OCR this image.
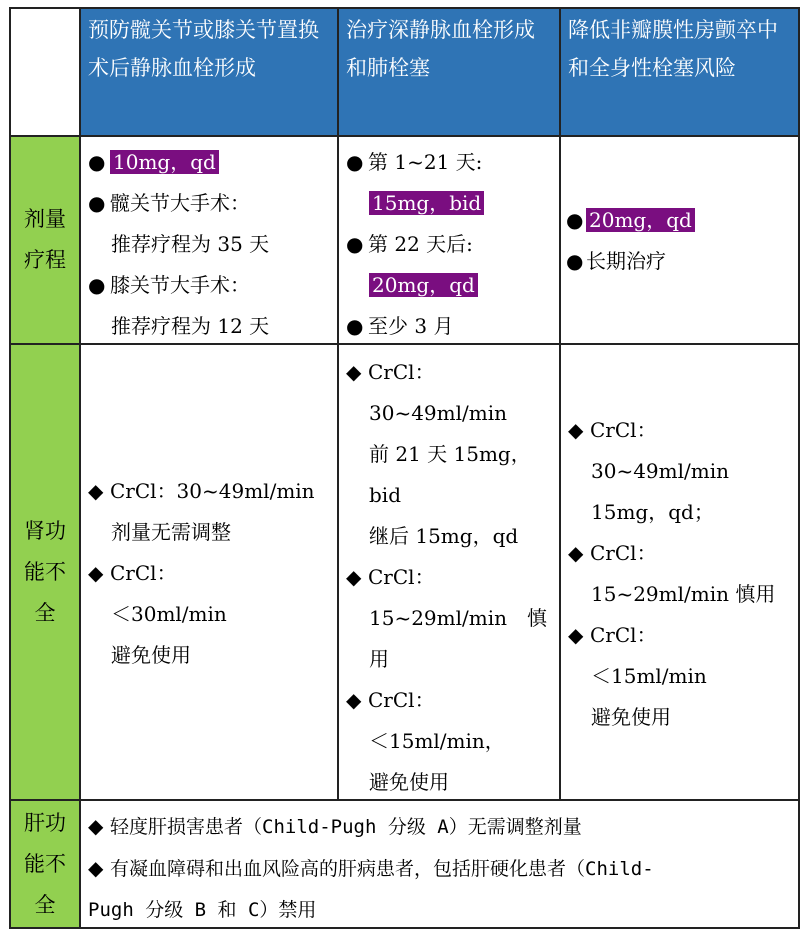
预防髋关节或膝关节置换术后静脉血栓形成
治疗深静脉血栓形成和肺栓塞
降低非瓣膜性房颤卒中和全身性栓塞风险
剂量疗程
● 10mg，qd
● 髋关节大手术：
推荐疗程为 35 天
● 膝关节大手术：
推荐疗程为 12 天
● 第 1~21 天:
15mg，bid
● 第 22 天后:
20mg，qd
● 至少 3 月
● 20mg，qd
● 长期治疗
肾功能不全
◆ CrCl：30~49ml/min
剂量无需调整
◆ CrCl：
＜30ml/min
避免使用
◆ CrCl：
30~49ml/min
前 21 天 15mg，
bid
继后 15mg，qd
◆ CrCl：
15~29ml/min　慎
用
◆ CrCl：
＜15ml/min，
避免使用
◆ CrCl：
30~49ml/min
15mg，qd；
◆ CrCl：
15~29ml/min 慎用
◆ CrCl：
＜15ml/min
避免使用
肝功能不全
◆ 轻度肝损害患者（Child-Pugh 分级 A）无需调整剂量
◆ 有凝血障碍和出血风险高的肝病患者，包括肝硬化患者（Child-
Pugh 分级 B 和 C）禁用
